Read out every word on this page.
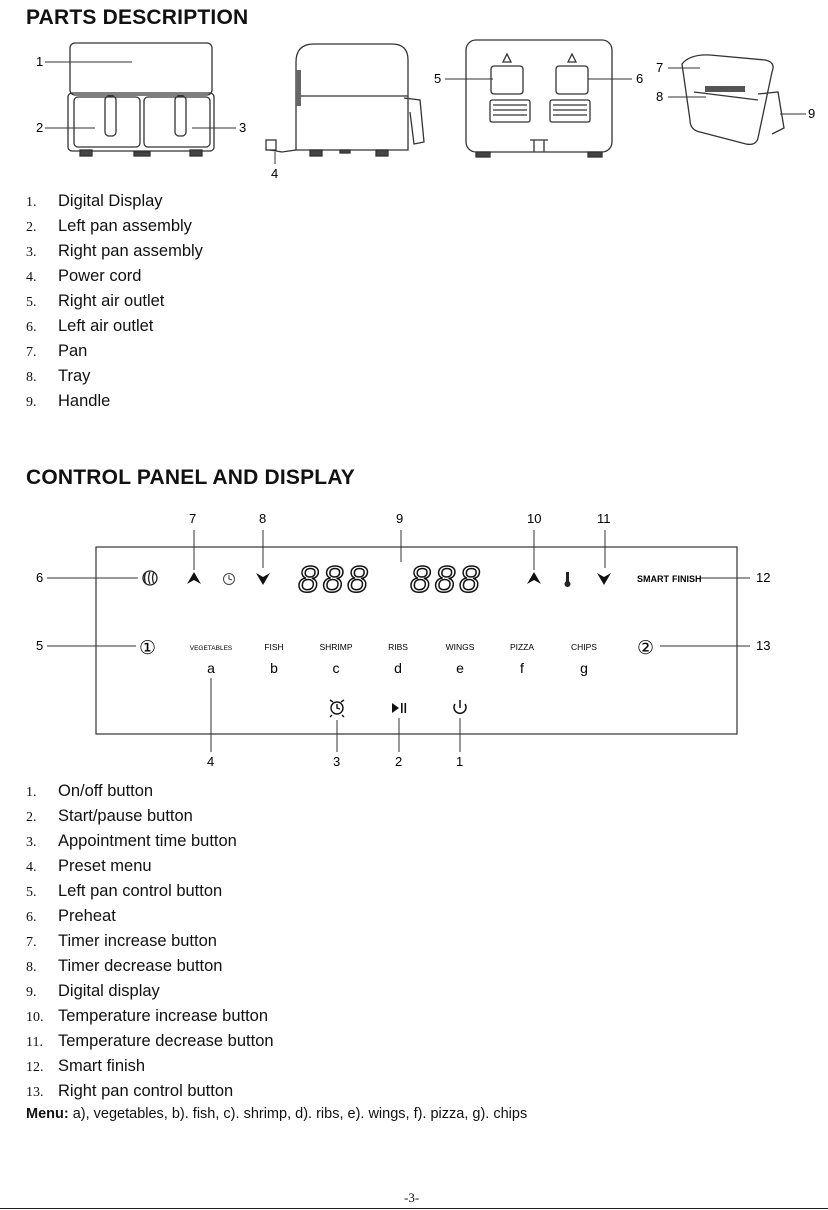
PARTS DESCRIPTION
1
2	3
4
5	6
7
8
9
1. Digital Display
2. Left pan assembly
3. Right pan assembly
4. Power cord
5. Right air outlet
6. Left air outlet
7. Pan
8. Tray
9. Handle
CONTROL PANEL AND DISPLAY
7	8	9	10	11
6
5
12
13
888 888	SMART FINISH
①	②
VEGETABLES	FISH	SHRIMP	RIBS	WINGS	PIZZA	CHIPS
a	b	c	d	e	f	g
4	3	2	1
1. On/off button
2. Start/pause button
3. Appointment time button
4. Preset menu
5. Left pan control button
6. Preheat
7. Timer increase button
8. Timer decrease button
9. Digital display
10. Temperature increase button
11. Temperature decrease button
12. Smart finish
13. Right pan control button
Menu: a), vegetables, b). fish, c). shrimp, d). ribs, e). wings, f). pizza, g). chips
-3-
